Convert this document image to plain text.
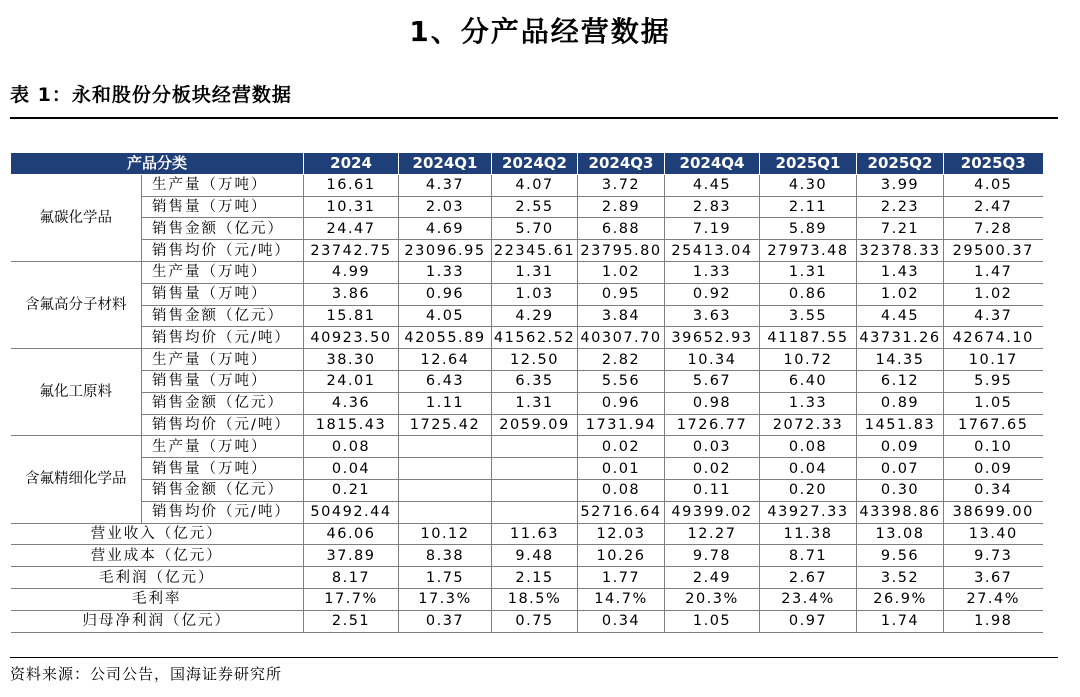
1、分产品经营数据
表 1：永和股份分板块经营数据
产品分类		2024	2024Q1	2024Q2	2024Q3	2024Q4	2025Q1	2025Q2	2025Q3
氟碳化学品	生产量（万吨）	16.61	4.37	4.07	3.72	4.45	4.30	3.99	4.05
	销售量（万吨）	10.31	2.03	2.55	2.89	2.83	2.11	2.23	2.47
	销售金额（亿元）	24.47	4.69	5.70	6.88	7.19	5.89	7.21	7.28
	销售均价（元/吨）	23742.75	23096.95	22345.61	23795.80	25413.04	27973.48	32378.33	29500.37
含氟高分子材料	生产量（万吨）	4.99	1.33	1.31	1.02	1.33	1.31	1.43	1.47
	销售量（万吨）	3.86	0.96	1.03	0.95	0.92	0.86	1.02	1.02
	销售金额（亿元）	15.81	4.05	4.29	3.84	3.63	3.55	4.45	4.37
	销售均价（元/吨）	40923.50	42055.89	41562.52	40307.70	39652.93	41187.55	43731.26	42674.10
氟化工原料	生产量（万吨）	38.30	12.64	12.50	2.82	10.34	10.72	14.35	10.17
	销售量（万吨）	24.01	6.43	6.35	5.56	5.67	6.40	6.12	5.95
	销售金额（亿元）	4.36	1.11	1.31	0.96	0.98	1.33	0.89	1.05
	销售均价（元/吨）	1815.43	1725.42	2059.09	1731.94	1726.77	2072.33	1451.83	1767.65
含氟精细化学品	生产量（万吨）	0.08			0.02	0.03	0.08	0.09	0.10
	销售量（万吨）	0.04			0.01	0.02	0.04	0.07	0.09
	销售金额（亿元）	0.21			0.08	0.11	0.20	0.30	0.34
	销售均价（元/吨）	50492.44			52716.64	49399.02	43927.33	43398.86	38699.00
营业收入（亿元）		46.06	10.12	11.63	12.03	12.27	11.38	13.08	13.40
营业成本（亿元）		37.89	8.38	9.48	10.26	9.78	8.71	9.56	9.73
毛利润（亿元）		8.17	1.75	2.15	1.77	2.49	2.67	3.52	3.67
毛利率		17.7%	17.3%	18.5%	14.7%	20.3%	23.4%	26.9%	27.4%
归母净利润（亿元）		2.51	0.37	0.75	0.34	1.05	0.97	1.74	1.98
资料来源：公司公告，国海证券研究所
